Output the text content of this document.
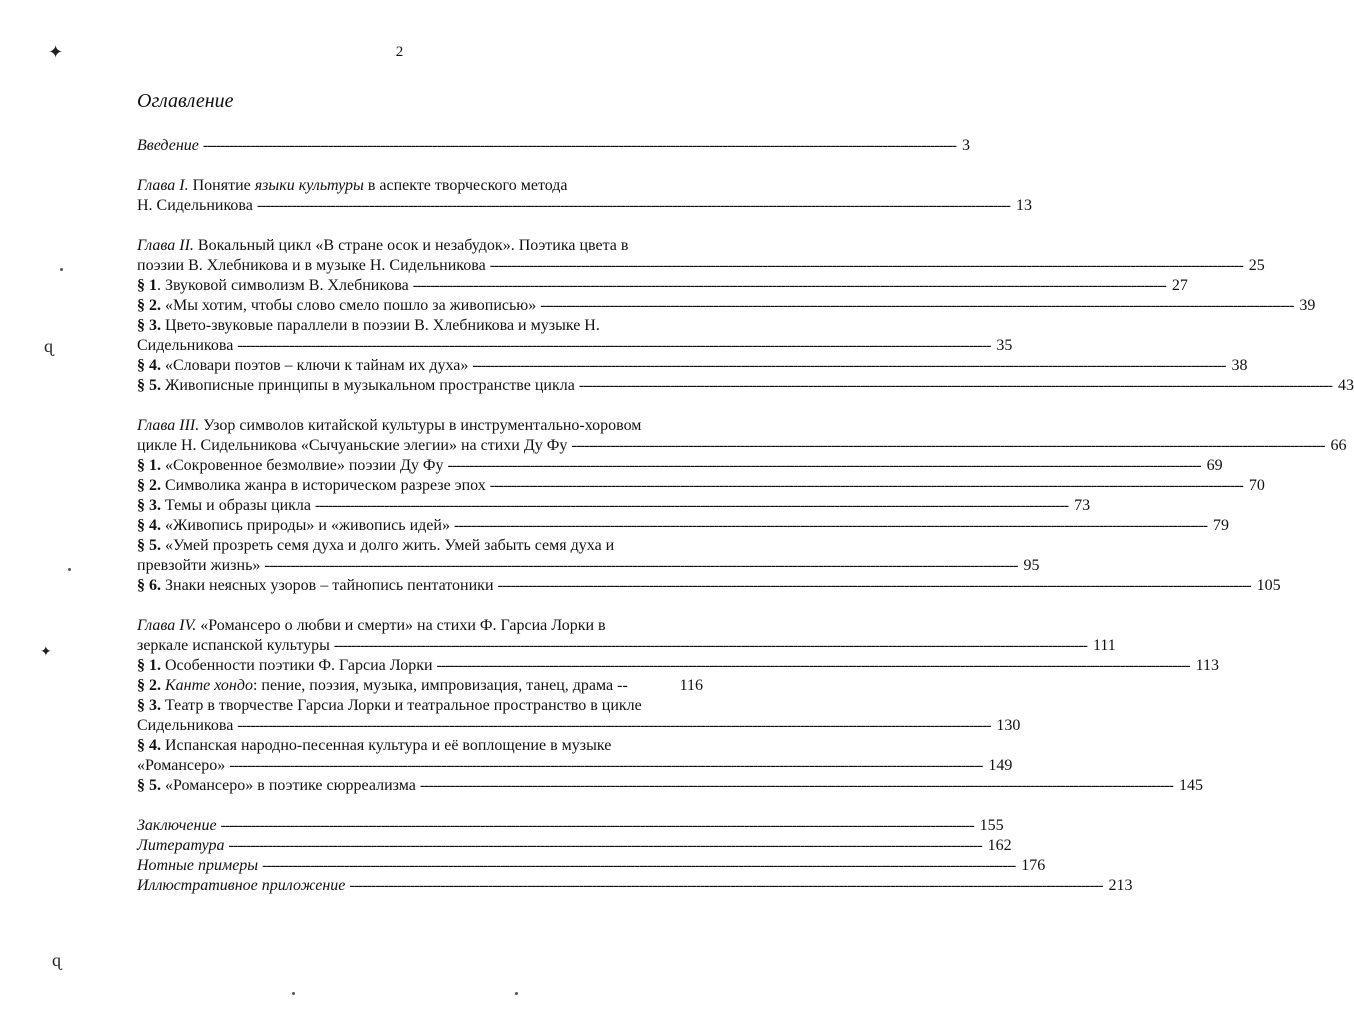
2
✦
ɋ
✦
ɋ
Оглавление
Введение ------------------------------------------------------------------------------------------------------------------------------------------------------------------------------ 3

Глава I. Понятие языки культуры в аспекте творческого метода

Н. Сидельникова ------------------------------------------------------------------------------------------------------------------------------------------------------------------------------ 13

Глава II. Вокальный цикл «В стране осок и незабудок». Поэтика цвета в

поэзии В. Хлебникова и в музыке Н. Сидельникова ------------------------------------------------------------------------------------------------------------------------------------------------------------------------------ 25
§ 1. Звуковой символизм В. Хлебникова ------------------------------------------------------------------------------------------------------------------------------------------------------------------------------ 27
§ 2. «Мы хотим, чтобы слово смело пошло за живописью» ------------------------------------------------------------------------------------------------------------------------------------------------------------------------------ 39

§ 3. Цвето-звуковые параллели в поэзии В. Хлебникова и музыке Н.

Сидельникова ------------------------------------------------------------------------------------------------------------------------------------------------------------------------------ 35
§ 4. «Словари поэтов – ключи к тайнам их духа» ------------------------------------------------------------------------------------------------------------------------------------------------------------------------------ 38
§ 5. Живописные принципы в музыкальном пространстве цикла ------------------------------------------------------------------------------------------------------------------------------------------------------------------------------ 43

Глава III. Узор символов китайской культуры в инструментально-хоровом

цикле Н. Сидельникова «Сычуаньские элегии» на стихи Ду Фу ------------------------------------------------------------------------------------------------------------------------------------------------------------------------------ 66
§ 1. «Сокровенное безмолвие» поэзии Ду Фу ------------------------------------------------------------------------------------------------------------------------------------------------------------------------------ 69
§ 2. Символика жанра в историческом разрезе эпох ------------------------------------------------------------------------------------------------------------------------------------------------------------------------------ 70
§ 3. Темы и образы цикла ------------------------------------------------------------------------------------------------------------------------------------------------------------------------------ 73
§ 4. «Живопись природы» и «живопись идей» ------------------------------------------------------------------------------------------------------------------------------------------------------------------------------ 79

§ 5. «Умей прозреть семя духа и долго жить. Умей забыть семя духа и

превзойти жизнь» ------------------------------------------------------------------------------------------------------------------------------------------------------------------------------ 95
§ 6. Знаки неясных узоров – тайнопись пентатоники ------------------------------------------------------------------------------------------------------------------------------------------------------------------------------ 105

Глава IV. «Романсеро о любви и смерти» на стихи Ф. Гарсиа Лорки в

зеркале испанской культуры ------------------------------------------------------------------------------------------------------------------------------------------------------------------------------ 111
§ 1. Особенности поэтики Ф. Гарсиа Лорки ------------------------------------------------------------------------------------------------------------------------------------------------------------------------------ 113
§ 2. Канте хондо: пение, поэзия, музыка, импровизация, танец, драма --	116

§ 3. Театр в творчестве Гарсиа Лорки и театральное пространство в цикле

Сидельникова ------------------------------------------------------------------------------------------------------------------------------------------------------------------------------ 130

§ 4. Испанская народно-песенная культура и её воплощение в музыке

«Романсеро» ------------------------------------------------------------------------------------------------------------------------------------------------------------------------------ 149
§ 5. «Романсеро» в поэтике сюрреализма ------------------------------------------------------------------------------------------------------------------------------------------------------------------------------ 145
Заключение ------------------------------------------------------------------------------------------------------------------------------------------------------------------------------ 155
Литература ------------------------------------------------------------------------------------------------------------------------------------------------------------------------------ 162
Нотные примеры ------------------------------------------------------------------------------------------------------------------------------------------------------------------------------ 176
Иллюстративное приложение ------------------------------------------------------------------------------------------------------------------------------------------------------------------------------ 213
